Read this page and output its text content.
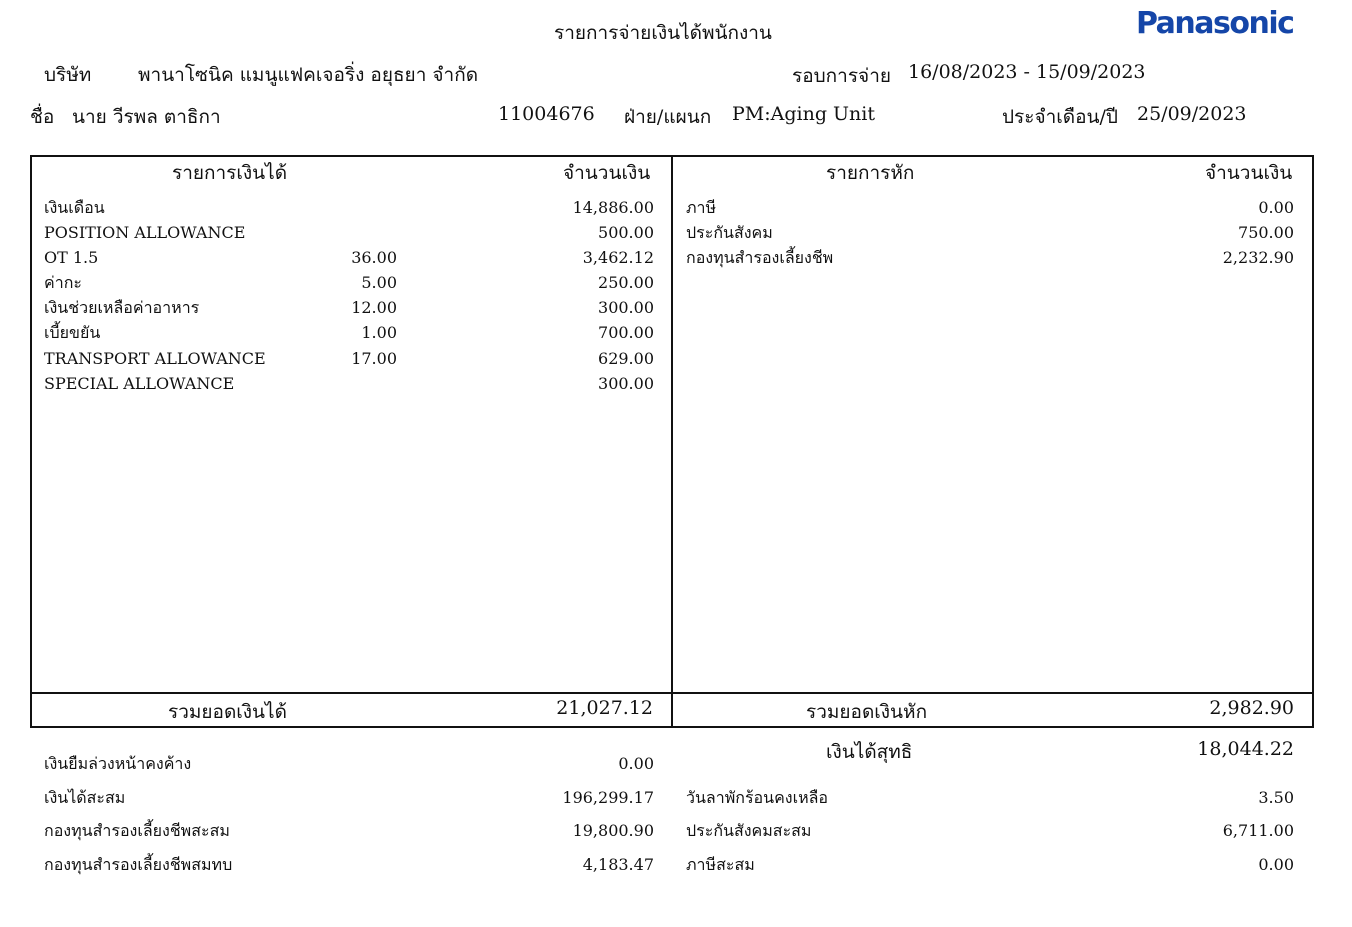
รายการจ่ายเงินได้พนักงาน	Panasonic
บริษัท พานาโซนิค แมนูแฟคเจอริ่ง อยุธยา จำกัด	รอบการจ่าย 16/08/2023 - 15/09/2023
ชื่อ นาย วีรพล ตาธิกา	11004676 ฝ่าย/แผนก PM:Aging Unit	ประจำเดือน/ปี 25/09/2023
รายการเงินได้	จำนวนเงิน
เงินเดือน	14,886.00
POSITION ALLOWANCE	500.00
OT 1.5	36.00	3,462.12
ค่ากะ	5.00	250.00
เงินช่วยเหลือค่าอาหาร	12.00	300.00
เบี้ยขยัน	1.00	700.00
TRANSPORT ALLOWANCE	17.00	629.00
SPECIAL ALLOWANCE	300.00
รายการหัก	จำนวนเงิน
ภาษี	0.00
ประกันสังคม	750.00
กองทุนสำรองเลี้ยงชีพ	2,232.90
รวมยอดเงินได้	21,027.12	รวมยอดเงินหัก	2,982.90
เงินได้สุทธิ	18,044.22
เงินยืมล่วงหน้าคงค้าง	0.00
เงินได้สะสม	196,299.17
กองทุนสำรองเลี้ยงชีพสะสม	19,800.90
กองทุนสำรองเลี้ยงชีพสมทบ	4,183.47
วันลาพักร้อนคงเหลือ	3.50
ประกันสังคมสะสม	6,711.00
ภาษีสะสม	0.00
